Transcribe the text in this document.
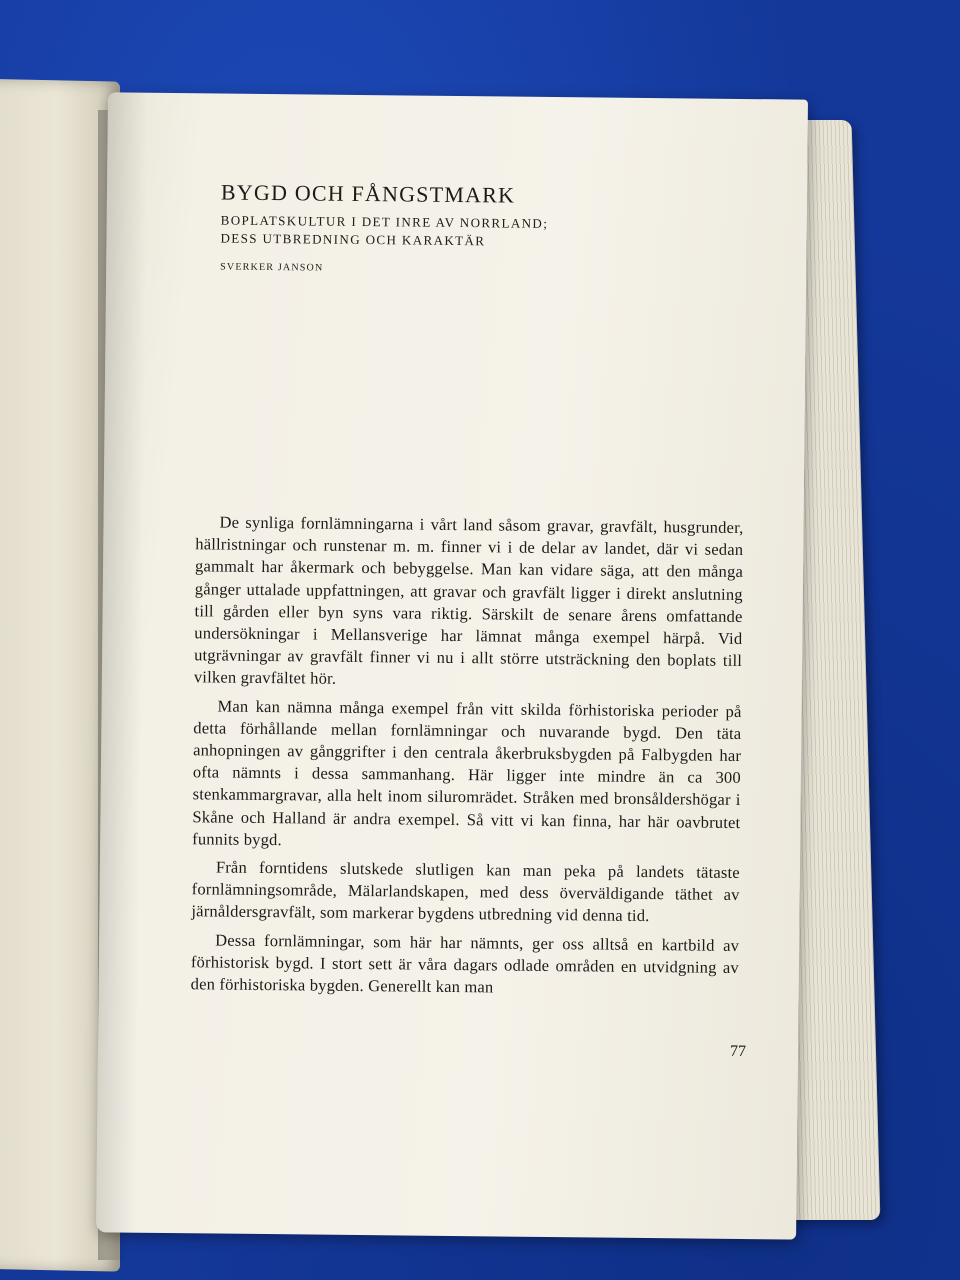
BYGD OCH FÅNGSTMARK
BOPLATSKULTUR I DET INRE AV NORRLAND;
DESS UTBREDNING OCH KARAKTÄR

SVERKER JANSON

De synliga fornlämningarna i vårt land såsom gravar, gravfält, husgrunder, hällristningar och runstenar m. m. finner vi i de delar av landet, där vi sedan gammalt har åkermark och bebyggelse. Man kan vidare säga, att den många gånger uttalade uppfattningen, att gravar och gravfält ligger i direkt anslutning till gården eller byn syns vara riktig. Särskilt de senare årens omfattande undersökningar i Mellansverige har lämnat många exempel härpå. Vid utgrävningar av gravfält finner vi nu i allt större utsträckning den boplats till vilken gravfältet hör.

Man kan nämna många exempel från vitt skilda förhistoriska perioder på detta förhållande mellan fornlämningar och nuvarande bygd. Den täta anhopningen av gånggrifter i den centrala åkerbruksbygden på Falbygden har ofta nämnts i dessa sammanhang. Här ligger inte mindre än ca 300 stenkammargravar, alla helt inom siluromrädet. Stråken med bronsåldershögar i Skåne och Halland är andra exempel. Så vitt vi kan finna, har här oavbrutet funnits bygd.

Från forntidens slutskede slutligen kan man peka på landets tätaste fornlämningsområde, Mälarlandskapen, med dess överväldigande täthet av järnåldersgravfält, som markerar bygdens utbredning vid denna tid.

Dessa fornlämningar, som här har nämnts, ger oss alltså en kartbild av förhistorisk bygd. I stort sett är våra dagars odlade områden en utvidgning av den förhistoriska bygden. Generellt kan man

77
